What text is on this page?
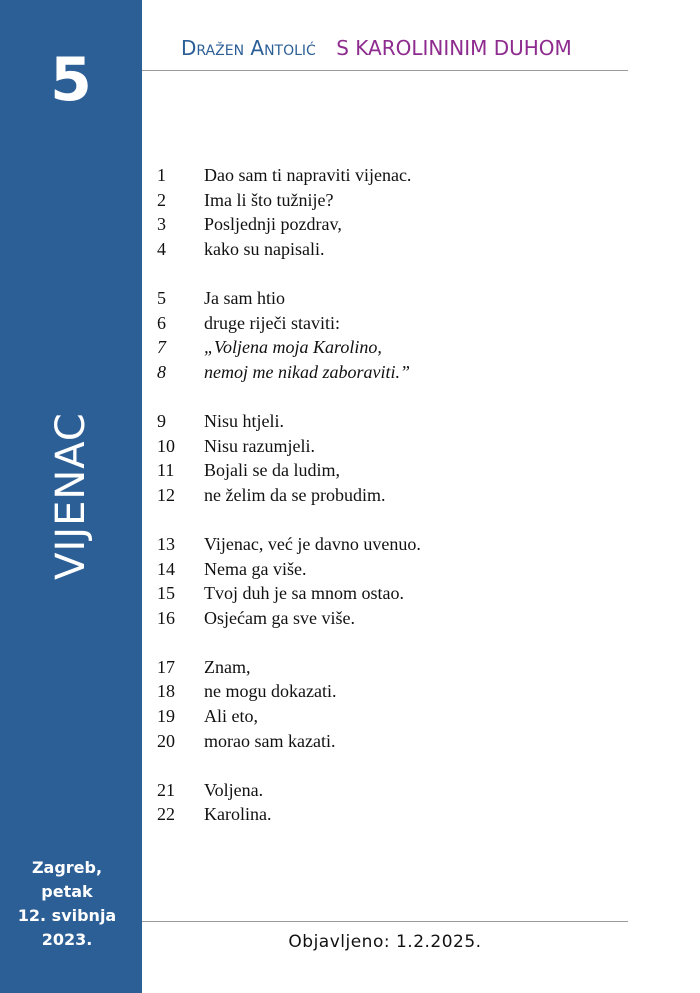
5
VIJENAC
Zagreb,
petak
12. svibnja
2023.
Dražen Antolić S KAROLININIM DUHOM
1	Dao sam ti napraviti vijenac.
2	Ima li što tužnije?
3	Posljednji pozdrav,
4	kako su napisali.
5	Ja sam htio
6	druge riječi staviti:
7	„Voljena moja Karolino,
8	nemoj me nikad zaboraviti.”
9	Nisu htjeli.
10	Nisu razumjeli.
11	Bojali se da ludim,
12	ne želim da se probudim.
13	Vijenac, već je davno uvenuo.
14	Nema ga više.
15	Tvoj duh je sa mnom ostao.
16	Osjećam ga sve više.
17	Znam,
18	ne mogu dokazati.
19	Ali eto,
20	morao sam kazati.
21	Voljena.
22	Karolina.
Objavljeno: 1.2.2025.
